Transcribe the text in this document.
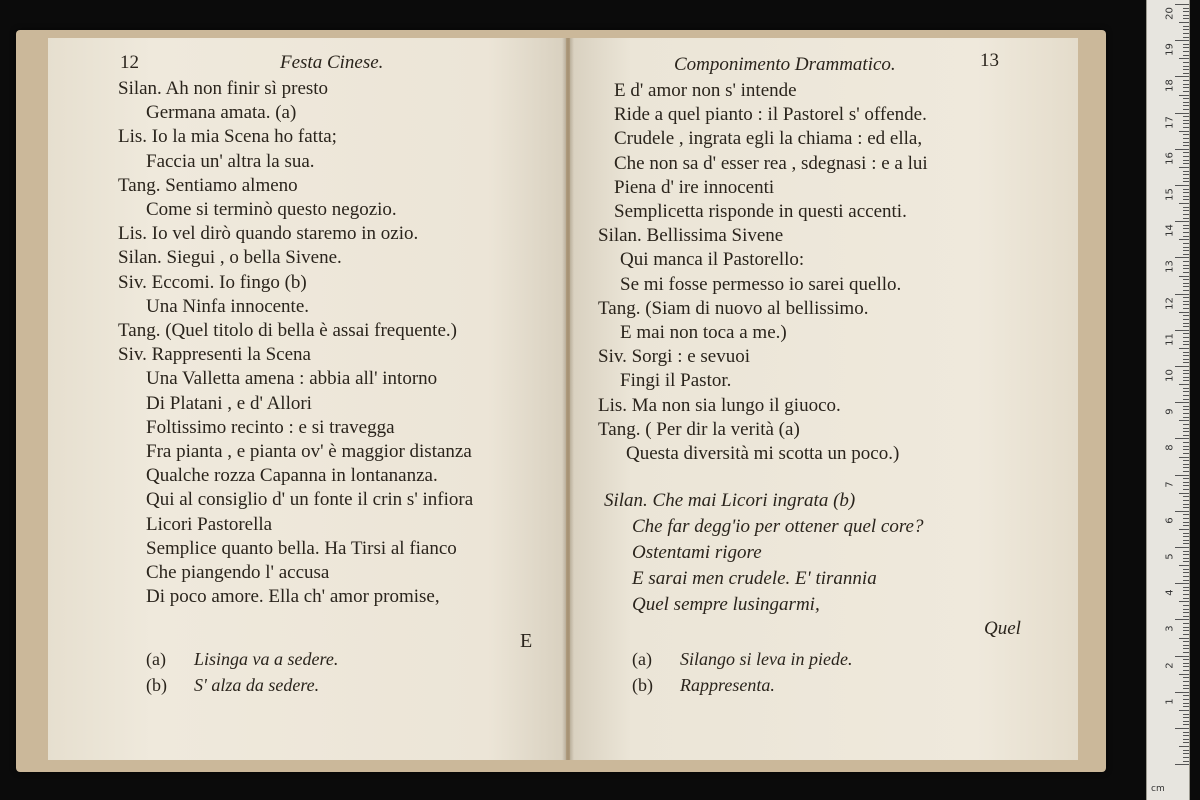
12	Festa Cinese.
Silan. Ah non finir sì presto
Germana amata. (a)
Lis. Io la mia Scena ho fatta;
Faccia un' altra la sua.
Tang. Sentiamo almeno
Come si terminò questo negozio.
Lis. Io vel dirò quando staremo in ozio.
Silan. Siegui , o bella Sivene.
Siv. Eccomi. Io fingo (b)
Una Ninfa innocente.
Tang. (Quel titolo di bella è assai frequente.)
Siv. Rappresenti la Scena
Una Valletta amena : abbia all' intorno
Di Platani , e d' Allori
Foltissimo recinto : e si travegga
Fra pianta , e pianta ov' è maggior distanza
Qualche rozza Capanna in lontananza.
Qui al consiglio d' un fonte il crin s' infiora
Licori Pastorella
Semplice quanto bella. Ha Tirsi al fianco
Che piangendo l' accusa
Di poco amore. Ella ch' amor promise,
E
(a) Lisinga va a sedere.
(b) S' alza da sedere.
Componimento Drammatico.	13
E d' amor non s' intende
Ride a quel pianto : il Pastorel s' offende.
Crudele , ingrata egli la chiama : ed ella,
Che non sa d' esser rea , sdegnasi : e a lui
Piena d' ire innocenti
Semplicetta risponde in questi accenti.
Silan. Bellissima Sivene
Qui manca il Pastorello:
Se mi fosse permesso io sarei quello.
Tang. (Siam di nuovo al bellissimo.
E mai non toca a me.)
Siv. Sorgi : e sevuoi
Fingi il Pastor.
Lis. Ma non sia lungo il giuoco.
Tang. ( Per dir la verità (a)
Questa diversità mi scotta un poco.)
Silan. Che mai Licori ingrata (b)
Che far degg'io per ottener quel core?
Ostentami rigore
E sarai men crudele. E' tirannia
Quel sempre lusingarmi,
Quel
(a) Silango si leva in piede.
(b) Rappresenta.
cm
20
19
18
17
16
15
14
13
12
11
10
9
8
7
6
5
4
3
2
1
